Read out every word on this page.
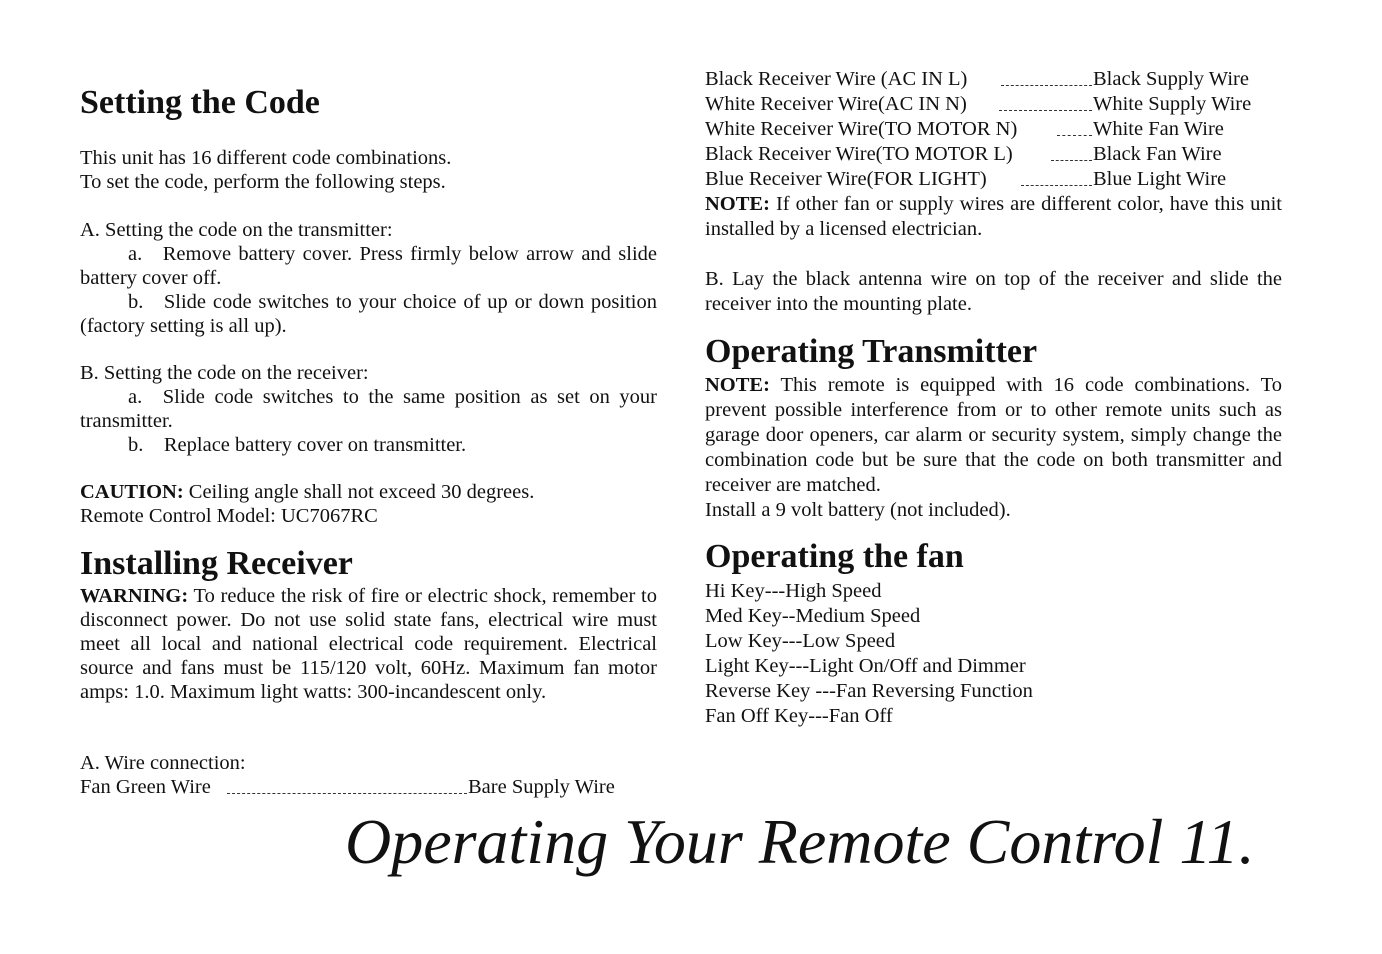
Setting the Code
This unit has 16 different code combinations.
To set the code, perform the following steps.
A. Setting the code on the transmitter:
a. Remove battery cover. Press firmly below arrow and slide battery cover off.
b. Slide code switches to your choice of up or down position (factory setting is all up).
B. Setting the code on the receiver:
a. Slide code switches to the same position as set on your transmitter.
b. Replace battery cover on transmitter.
CAUTION: Ceiling angle shall not exceed 30 degrees.
Remote Control Model: UC7067RC
Installing Receiver
WARNING: To reduce the risk of fire or electric shock, remember to disconnect power. Do not use solid state fans, electrical wire must meet all local and national electrical code requirement. Electrical source and fans must be 115/120 volt, 60Hz. Maximum fan motor amps: 1.0. Maximum light watts: 300-incandescent only.
A. Wire connection:
Fan Green Wire	Bare Supply Wire
Black Receiver Wire (AC IN L)	Black Supply Wire
White Receiver Wire(AC IN N)	White Supply Wire
White Receiver Wire(TO MOTOR N)	White Fan Wire
Black Receiver Wire(TO MOTOR L)	Black Fan Wire
Blue Receiver Wire(FOR LIGHT)	Blue Light Wire
NOTE: If other fan or supply wires are different color, have this unit installed by a licensed electrician.
B. Lay the black antenna wire on top of the receiver and slide the receiver into the mounting plate.
Operating Transmitter
NOTE: This remote is equipped with 16 code combinations. To prevent possible interference from or to other remote units such as garage door openers, car alarm or security system, simply change the combination code but be sure that the code on both transmitter and receiver are matched.
Install a 9 volt battery (not included).
Operating the fan
Hi Key---High Speed
Med Key--Medium Speed
Low Key---Low Speed
Light Key---Light On/Off and Dimmer
Reverse Key ---Fan Reversing Function
Fan Off Key---Fan Off
Operating Your Remote Control 11.
